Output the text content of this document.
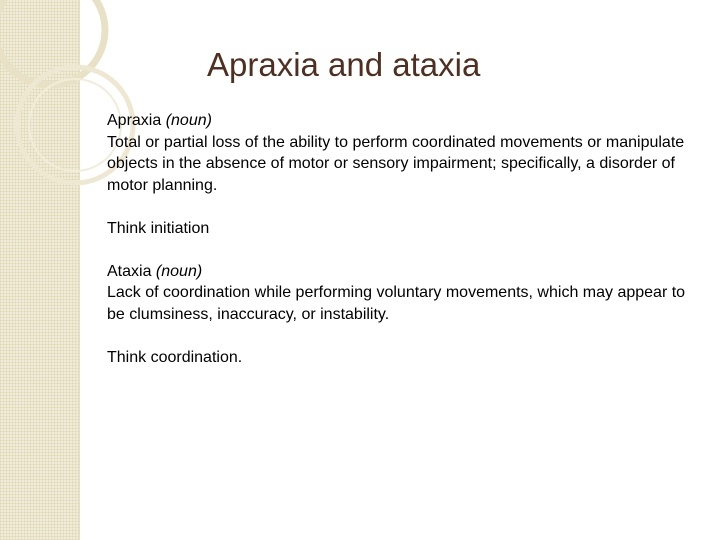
Apraxia and ataxia

Apraxia (noun)

Total or partial loss of the ability to perform coordinated movements or manipulate objects in the absence of motor or sensory impairment; specifically, a disorder of motor planning.

Think initiation

Ataxia (noun)

Lack of coordination while performing voluntary movements, which may appear to be clumsiness, inaccuracy, or instability.

Think coordination.
